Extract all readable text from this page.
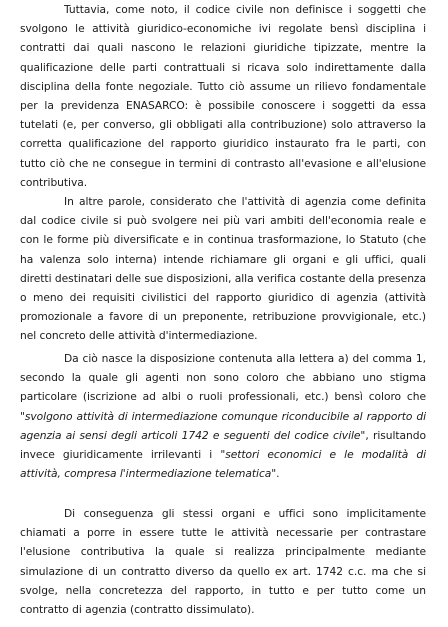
Tuttavia, come noto, il codice civile non definisce i soggetti che svolgono le attività giuridico-economiche ivi regolate bensì disciplina i contratti dai quali nascono le relazioni giuridiche tipizzate, mentre la qualificazione delle parti contrattuali si ricava solo indirettamente dalla disciplina della fonte negoziale. Tutto ciò assume un rilievo fondamentale per la previdenza ENASARCO: è possibile conoscere i soggetti da essa tutelati (e, per converso, gli obbligati alla contribuzione) solo attraverso la corretta qualificazione del rapporto giuridico instaurato fra le parti, con tutto ciò che ne consegue in termini di contrasto all'evasione e all'elusione contributiva.

In altre parole, considerato che l'attività di agenzia come definita dal codice civile si può svolgere nei più vari ambiti dell'economia reale e con le forme più diversificate e in continua trasformazione, lo Statuto (che ha valenza solo interna) intende richiamare gli organi e gli uffici, quali diretti destinatari delle sue disposizioni, alla verifica costante della presenza o meno dei requisiti civilistici del rapporto giuridico di agenzia (attività promozionale a favore di un preponente, retribuzione provvigionale, etc.) nel concreto delle attività d'intermediazione.

Da ciò nasce la disposizione contenuta alla lettera a) del comma 1, secondo la quale gli agenti non sono coloro che abbiano uno stigma particolare (iscrizione ad albi o ruoli professionali, etc.) bensì coloro che "svolgono attività di intermediazione comunque riconducibile al rapporto di agenzia ai sensi degli articoli 1742 e seguenti del codice civile", risultando invece giuridicamente irrilevanti i "settori economici e le modalità di attività, compresa l'intermediazione telematica".

Di conseguenza gli stessi organi e uffici sono implicitamente chiamati a porre in essere tutte le attività necessarie per contrastare l'elusione contributiva la quale si realizza principalmente mediante simulazione di un contratto diverso da quello ex art. 1742 c.c. ma che si svolge, nella concretezza del rapporto, in tutto e per tutto come un contratto di agenzia (contratto dissimulato).
